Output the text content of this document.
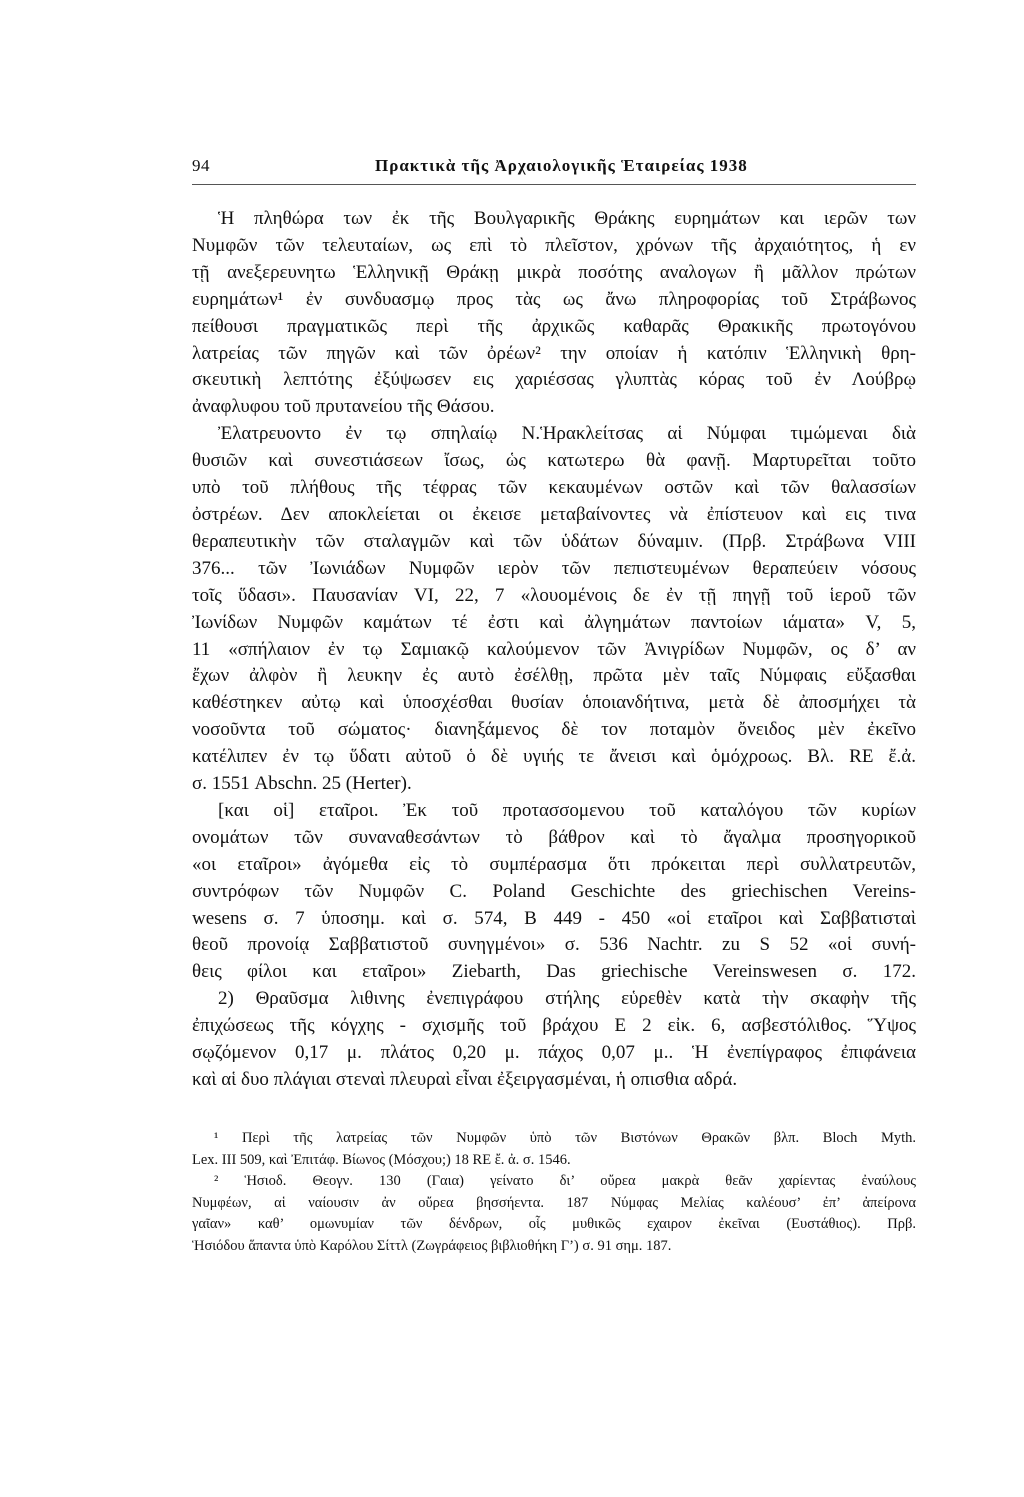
94	Πρακτικὰ τῆς Ἀρχαιολογικῆς Ἑταιρείας 1938
Ἡ πληθώρα των ἐκ τῆς Βουλγαρικῆς Θράκης ευρημάτων και ιερῶν των
Νυμφῶν τῶν τελευταίων, ως επὶ τὸ πλεῖστον, χρόνων τῆς ἀρχαιότητος, ἡ εν
τῇ ανεξερευνητω Ἑλληνικῇ Θράκῃ μικρὰ ποσότης αναλογων ἢ μᾶλλον πρώτων
ευρημάτων¹ ἐν συνδυασμῳ προς τὰς ως ἄνω πληροφορίας τοῦ Στράβωνος
πείθουσι πραγματικῶς περὶ τῆς ἀρχικῶς καθαρᾶς Θρακικῆς πρωτογόνου
λατρείας τῶν πηγῶν καὶ τῶν ὀρέων² την οποίαν ἡ κατόπιν Ἑλληνικὴ θρη-
σκευτικὴ λεπτότης ἐξύψωσεν εις χαριέσσας γλυπτὰς κόρας τοῦ ἐν Λούβρῳ
ἀναφλυφου τοῦ πρυτανείου τῆς Θάσου.
Ἐλατρευοντο ἐν τῳ σπηλαίῳ Ν.Ἡρακλείτσας αἱ Νύμφαι τιμώμεναι διὰ
θυσιῶν καὶ συνεστιάσεων ἴσως, ὡς κατωτερω θὰ φανῇ. Μαρτυρεῖται τοῦτο
υπὸ τοῦ πλήθους τῆς τέφρας τῶν κεκαυμένων οστῶν καὶ τῶν θαλασσίων
ὀστρέων. Δεν αποκλείεται οι ἐκεισε μεταβαίνοντες νὰ ἐπίστευον καὶ εις τινα
θεραπευτικὴν τῶν σταλαγμῶν καὶ τῶν ὑδάτων δύναμιν. (Πρβ. Στράβωνα VIII
376... τῶν Ἰωνιάδων Νυμφῶν ιερὸν τῶν πεπιστευμένων θεραπεύειν νόσους
τοῖς ὕδασι». Παυσανίαν VI, 22, 7 «λουομένοις δε ἐν τῇ πηγῇ τοῦ ἱεροῦ τῶν
Ἰωνίδων Νυμφῶν καμάτων τέ ἐστι καὶ ἀλγημάτων παντοίων ιάματα» V, 5,
11 «σπήλαιον ἐν τῳ Σαμιακῷ καλούμενον τῶν Ἀνιγρίδων Νυμφῶν, ος δ’ αν
ἔχων ἀλφὸν ἢ λευκην ἐς αυτὸ ἐσέλθῃ, πρῶτα μὲν ταῖς Νύμφαις εὔξασθαι
καθέστηκεν αὐτῳ καὶ ὑποσχέσθαι θυσίαν ὁποιανδήτινα, μετὰ δὲ ἀποσμήχει τὰ
νοσοῦντα τοῦ σώματος· διανηξάμενος δὲ τον ποταμὸν ὄνειδος μὲν ἐκεῖνο
κατέλιπεν ἐν τῳ ὕδατι αὐτοῦ ὁ δὲ υγιής τε ἄνεισι καὶ ὁμόχροως. Βλ. RE ἔ.ἀ.
σ. 1551 Abschn. 25 (Herter).
[και οἱ] εταῖροι. Ἐκ τοῦ προτασσομενου τοῦ καταλόγου τῶν κυρίων
ονομάτων τῶν συναναθεσάντων τὸ βάθρον καὶ τὸ ἄγαλμα προσηγορικοῦ
«οι εταῖροι» ἀγόμεθα εἰς τὸ συμπέρασμα ὅτι πρόκειται περὶ συλλατρευτῶν,
συντρόφων τῶν Νυμφῶν C. Poland Geschichte des griechischen Vereins-
wesens σ. 7 ὑποσημ. καὶ σ. 574, B 449 - 450 «οἱ εταῖροι καὶ Σαββατισταὶ
θεοῦ προνοίᾳ Σαββατιστοῦ συνηγμένοι» σ. 536 Nachtr. zu S 52 «οἱ συνή-
θεις φίλοι και εταῖροι» Ziebarth, Das griechische Vereinswesen σ. 172.
2) Θραῦσμα λιθινης ἐνεπιγράφου στήλης εὑρεθὲν κατὰ τὴν σκαφὴν τῆς
ἐπιχώσεως τῆς κόγχης - σχισμῆς τοῦ βράχου E 2 εἰκ. 6, ασβεστόλιθος. Ὕψος
σῳζόμενον 0,17 μ. πλάτος 0,20 μ. πάχος 0,07 μ.. Ἡ ἐνεπίγραφος ἐπιφάνεια
καὶ αἱ δυο πλάγιαι στεναὶ πλευραὶ εἶναι ἐξειργασμέναι, ἡ οπισθια αδρά.
¹ Περὶ τῆς λατρείας τῶν Νυμφῶν ὑπὸ τῶν Βιστόνων Θρακῶν βλπ. Bloch Myth.
Lex. III 509, καὶ Ἐπιτάφ. Βίωνος (Μόσχου;) 18 RE ἔ. ἀ. σ. 1546.
² Ἡσιοδ. Θεογν. 130 (Γαια) γείνατο δι’ οὔρεα μακρὰ θεᾶν χαρίεντας ἐναύλους
Νυμφέων, αἱ ναίουσιν ἀν οὔρεα βησσήεντα. 187 Νύμφας Μελίας καλέουσ’ ἐπ’ ἀπείρονα
γαῖαν» καθ’ ομωνυμίαν τῶν δένδρων, οἷς μυθικῶς εχαιρον ἐκεῖναι (Ευστάθιος). Πρβ.
Ἡσιόδου ἅπαντα ὑπὸ Καρόλου Σίττλ (Ζωγράφειος βιβλιοθήκη Γ’) σ. 91 σημ. 187.
